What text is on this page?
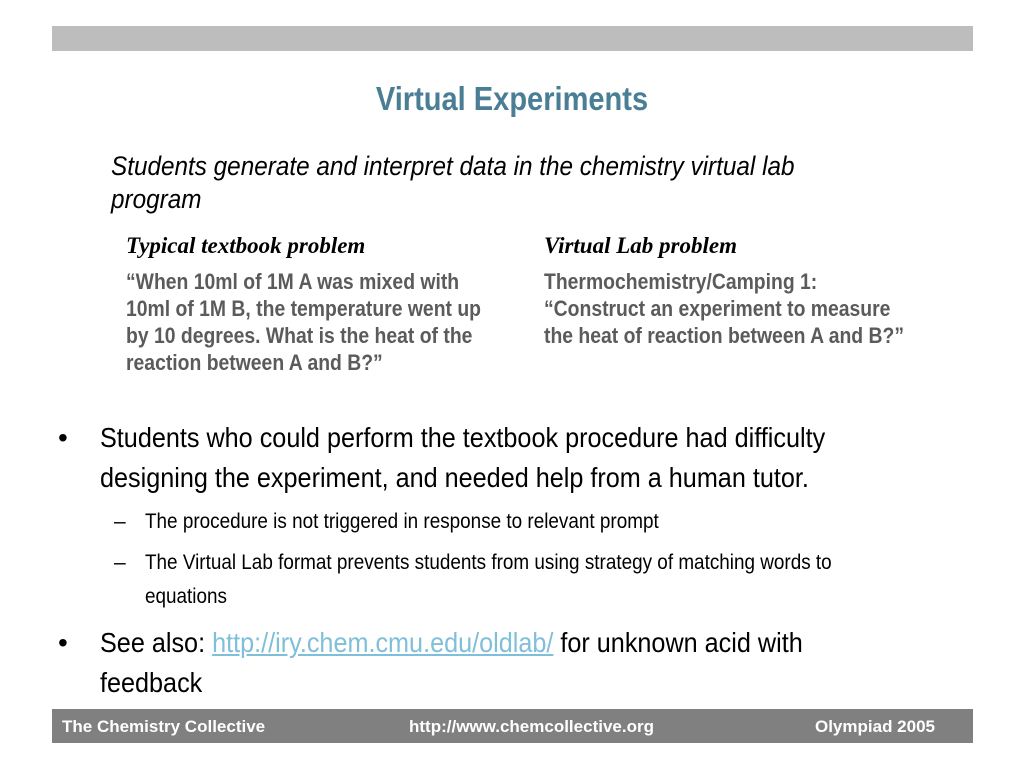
Virtual Experiments
Students generate and interpret data in the chemistry virtual lab program
Typical textbook problem
“When 10ml of 1M A was mixed with 10ml of 1M B, the temperature went up by 10 degrees. What is the heat of the reaction between A and B?”
Virtual Lab problem
Thermochemistry/Camping 1: “Construct an experiment to measure the heat of reaction between A and B?”
• Students who could perform the textbook procedure had difficulty designing the experiment, and needed help from a human tutor.
– The procedure is not triggered in response to relevant prompt
– The Virtual Lab format prevents students from using strategy of matching words to equations
• See also: http://iry.chem.cmu.edu/oldlab/ for unknown acid with feedback
The Chemistry Collective	http://www.chemcollective.org	Olympiad 2005
